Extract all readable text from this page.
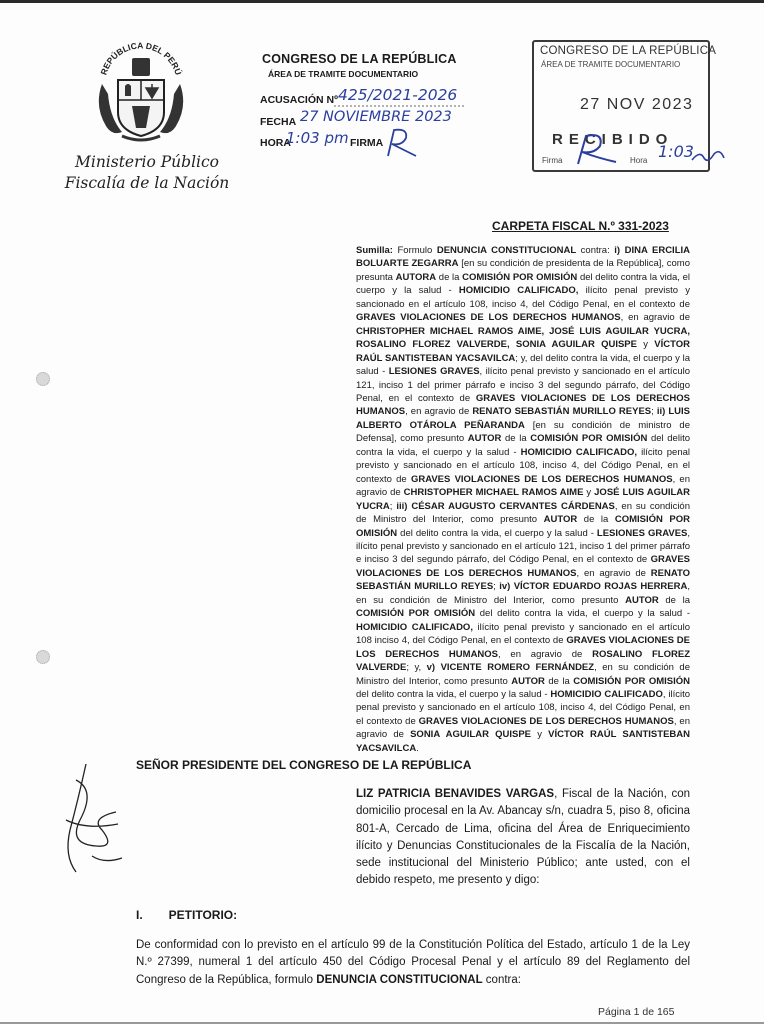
REPÚBLICA DEL PERÚ
Ministerio Público
Fiscalía de la Nación
CONGRESO DE LA REPÚBLICA
ÁREA DE TRAMITE DOCUMENTARIO
ACUSACIÓN Nº 425/2021-2026
FECHA 27 NOVIEMBRE 2023
HORA
1:03 pm FIRMA
CONGRESO DE LA REPÚBLICA
ÁREA DE TRAMITE DOCUMENTARIO
27 NOV 2023
RECIBIDO
Firma	Hora 1:03
CARPETA FISCAL N.º 331-2023
Sumilla: Formulo DENUNCIA CONSTITUCIONAL contra: i) DINA ERCILIA BOLUARTE ZEGARRA [en su condición de presidenta de la República], como presunta AUTORA de la COMISIÓN POR OMISIÓN del delito contra la vida, el cuerpo y la salud - HOMICIDIO CALIFICADO, ilícito penal previsto y sancionado en el artículo 108, inciso 4, del Código Penal, en el contexto de GRAVES VIOLACIONES DE LOS DERECHOS HUMANOS, en agravio de CHRISTOPHER MICHAEL RAMOS AIME, JOSÉ LUIS AGUILAR YUCRA, ROSALINO FLOREZ VALVERDE, SONIA AGUILAR QUISPE y VÍCTOR RAÚL SANTISTEBAN YACSAVILCA; y, del delito contra la vida, el cuerpo y la salud - LESIONES GRAVES, ilícito penal previsto y sancionado en el artículo 121, inciso 1 del primer párrafo e inciso 3 del segundo párrafo, del Código Penal, en el contexto de GRAVES VIOLACIONES DE LOS DERECHOS HUMANOS, en agravio de RENATO SEBASTIÁN MURILLO REYES; ii) LUIS ALBERTO OTÁROLA PEÑARANDA [en su condición de ministro de Defensa], como presunto AUTOR de la COMISIÓN POR OMISIÓN del delito contra la vida, el cuerpo y la salud - HOMICIDIO CALIFICADO, ilícito penal previsto y sancionado en el artículo 108, inciso 4, del Código Penal, en el contexto de GRAVES VIOLACIONES DE LOS DERECHOS HUMANOS, en agravio de CHRISTOPHER MICHAEL RAMOS AIME y JOSÉ LUIS AGUILAR YUCRA; iii) CÉSAR AUGUSTO CERVANTES CÁRDENAS, en su condición de Ministro del Interior, como presunto AUTOR de la COMISIÓN POR OMISIÓN del delito contra la vida, el cuerpo y la salud - LESIONES GRAVES, ilícito penal previsto y sancionado en el artículo 121, inciso 1 del primer párrafo e inciso 3 del segundo párrafo, del Código Penal, en el contexto de GRAVES VIOLACIONES DE LOS DERECHOS HUMANOS, en agravio de RENATO SEBASTIÁN MURILLO REYES; iv) VÍCTOR EDUARDO ROJAS HERRERA, en su condición de Ministro del Interior, como presunto AUTOR de la COMISIÓN POR OMISIÓN del delito contra la vida, el cuerpo y la salud - HOMICIDIO CALIFICADO, ilícito penal previsto y sancionado en el artículo 108 inciso 4, del Código Penal, en el contexto de GRAVES VIOLACIONES DE LOS DERECHOS HUMANOS, en agravio de ROSALINO FLOREZ VALVERDE; y, v) VICENTE ROMERO FERNÁNDEZ, en su condición de Ministro del Interior, como presunto AUTOR de la COMISIÓN POR OMISIÓN del delito contra la vida, el cuerpo y la salud - HOMICIDIO CALIFICADO, ilícito penal previsto y sancionado en el artículo 108, inciso 4, del Código Penal, en el contexto de GRAVES VIOLACIONES DE LOS DERECHOS HUMANOS, en agravio de SONIA AGUILAR QUISPE y VÍCTOR RAÚL SANTISTEBAN YACSAVILCA.
SEÑOR PRESIDENTE DEL CONGRESO DE LA REPÚBLICA
LIZ PATRICIA BENAVIDES VARGAS, Fiscal de la Nación, con domicilio procesal en la Av. Abancay s/n, cuadra 5, piso 8, oficina 801-A, Cercado de Lima, oficina del Área de Enriquecimiento ilícito y Denuncias Constitucionales de la Fiscalía de la Nación, sede institucional del Ministerio Público; ante usted, con el debido respeto, me presento y digo:
I. PETITORIO:
De conformidad con lo previsto en el artículo 99 de la Constitución Política del Estado, artículo 1 de la Ley N.º 27399, numeral 1 del artículo 450 del Código Procesal Penal y el artículo 89 del Reglamento del Congreso de la República, formulo DENUNCIA CONSTITUCIONAL contra:
Página 1 de 165
